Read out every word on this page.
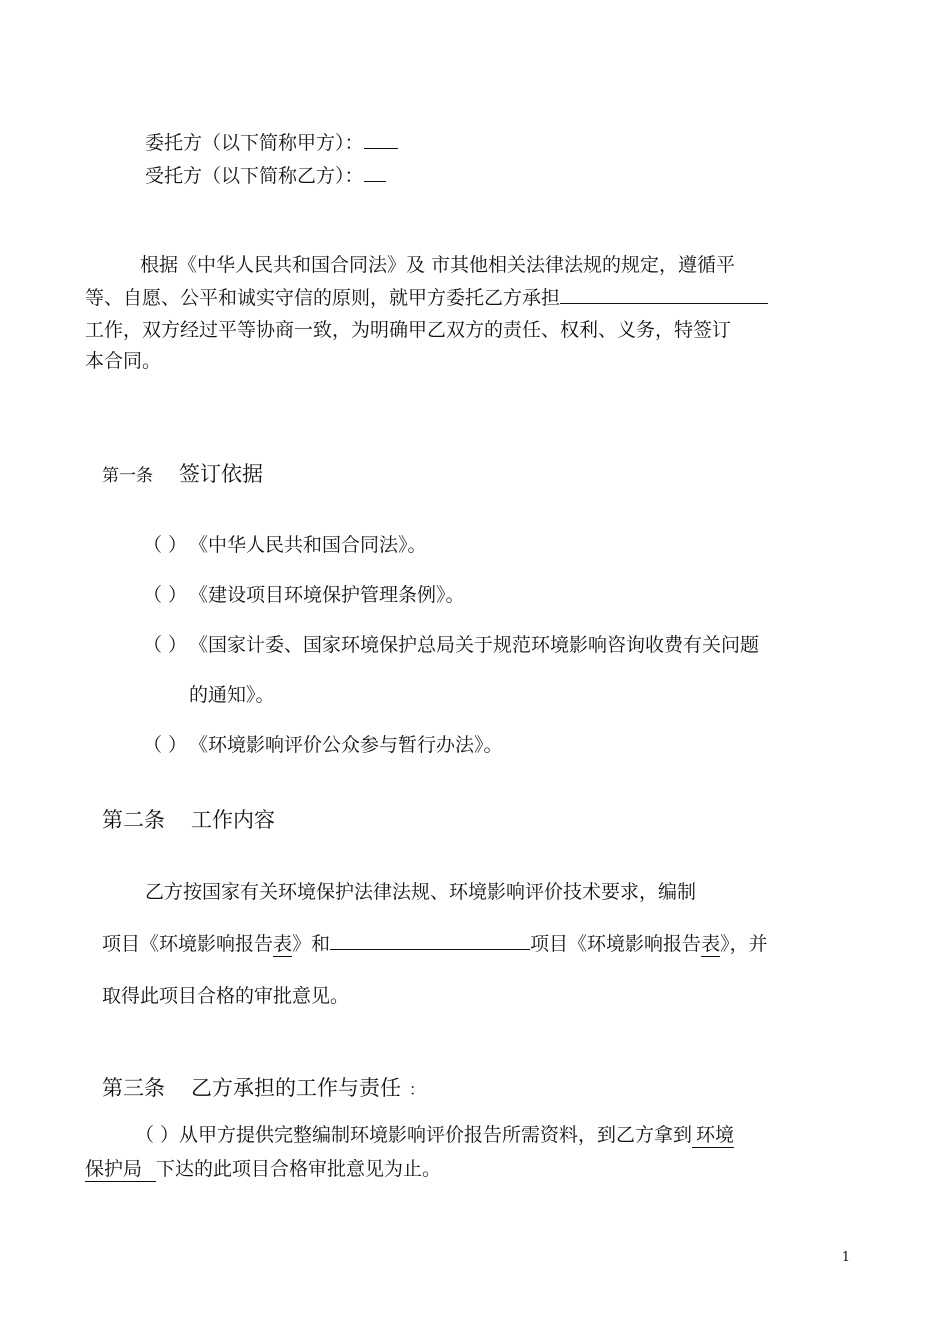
委托方（以下简称甲方）：
受托方（以下简称乙方）：
根据《中华人民共和国合同法》及 市其他相关法律法规的规定，遵循平
等、自愿、公平和诚实守信的原则，就甲方委托乙方承担
工作，双方经过平等协商一致，为明确甲乙双方的责任、权利、义务，特签订
本合同。
第一条 签订依据
（ ） 《中华人民共和国合同法》。
（ ） 《建设项目环境保护管理条例》。
（ ） 《国家计委、国家环境保护总局关于规范环境影响咨询收费有关问题
的通知》。
（ ） 《环境影响评价公众参与暂行办法》。
第二条 工作内容
乙方按国家有关环境保护法律法规、环境影响评价技术要求，编制
项目《环境影响报告表》和	项目《环境影响报告表》，并
取得此项目合格的审批意见。
第三条 乙方承担的工作与责任 ：
（ ）从甲方提供完整编制环境影响评价报告所需资料，到乙方拿到 环境
保护局 下达的此项目合格审批意见为止。
1
